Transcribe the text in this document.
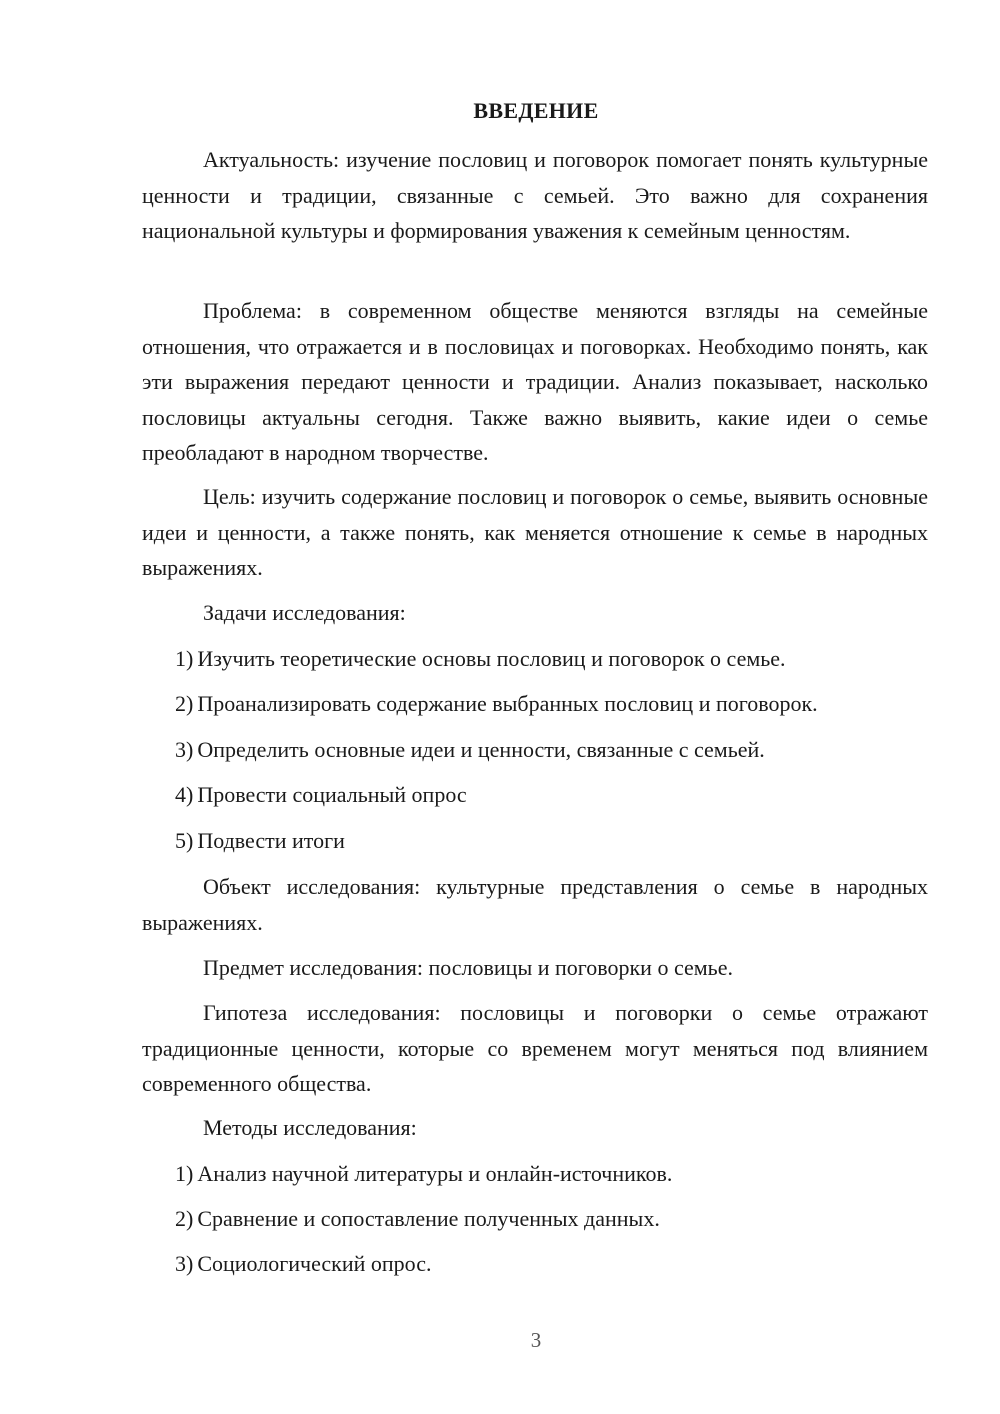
ВВЕДЕНИЕ

Актуальность: изучение пословиц и поговорок помогает понять культурные ценности и традиции, связанные с семьей. Это важно для сохранения национальной культуры и формирования уважения к семейным ценностям.

Проблема: в современном обществе меняются взгляды на семейные отношения, что отражается и в пословицах и поговорках. Необходимо понять, как эти выражения передают ценности и традиции. Анализ показывает, насколько пословицы актуальны сегодня. Также важно выявить, какие идеи о семье преобладают в народном творчестве.

Цель: изучить содержание пословиц и поговорок о семье, выявить основные идеи и ценности, а также понять, как меняется отношение к семье в народных выражениях.

Задачи исследования:

1) Изучить теоретические основы пословиц и поговорок о семье.

2) Проанализировать содержание выбранных пословиц и поговорок.

3) Определить основные идеи и ценности, связанные с семьей.

4) Провести социальный опрос

5) Подвести итоги

Объект исследования: культурные представления о семье в народных выражениях.

Предмет исследования: пословицы и поговорки о семье.

Гипотеза исследования: пословицы и поговорки о семье отражают традиционные ценности, которые со временем могут меняться под влиянием современного общества.

Методы исследования:

1) Анализ научной литературы и онлайн-источников.

2) Сравнение и сопоставление полученных данных.

3) Социологический опрос.

3
